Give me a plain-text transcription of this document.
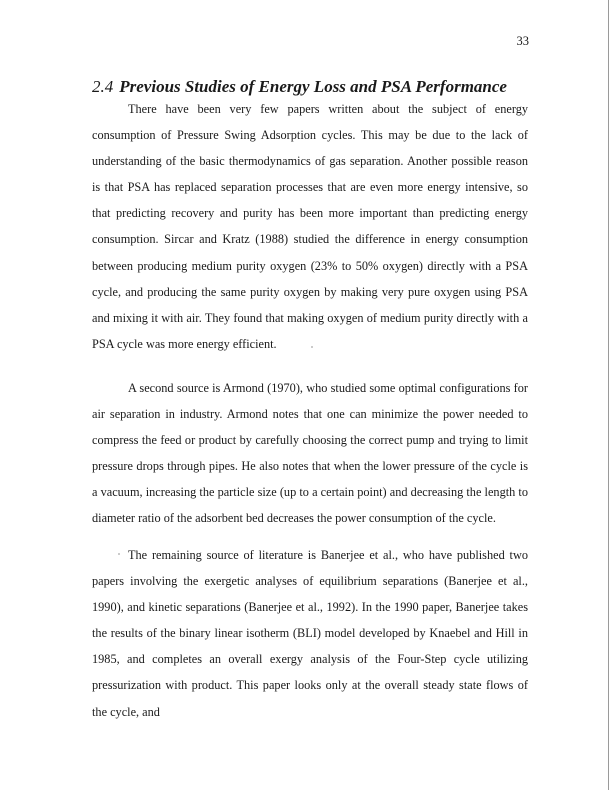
33
2.4 Previous Studies of Energy Loss and PSA Performance

There have been very few papers written about the subject of energy consumption of Pressure Swing Adsorption cycles. This may be due to the lack of understanding of the basic thermodynamics of gas separation. Another possible reason is that PSA has replaced separation processes that are even more energy intensive, so that predicting recovery and purity has been more important than predicting energy consumption. Sircar and Kratz (1988) studied the difference in energy consumption between producing medium purity oxygen (23% to 50% oxygen) directly with a PSA cycle, and producing the same purity oxygen by making very pure oxygen using PSA and mixing it with air. They found that making oxygen of medium purity directly with a PSA cycle was more energy efficient.

A second source is Armond (1970), who studied some optimal configurations for air separation in industry. Armond notes that one can minimize the power needed to compress the feed or product by carefully choosing the correct pump and trying to limit pressure drops through pipes. He also notes that when the lower pressure of the cycle is a vacuum, increasing the particle size (up to a certain point) and decreasing the length to diameter ratio of the adsorbent bed decreases the power consumption of the cycle.

The remaining source of literature is Banerjee et al., who have published two papers involving the exergetic analyses of equilibrium separations (Banerjee et al., 1990), and kinetic separations (Banerjee et al., 1992). In the 1990 paper, Banerjee takes the results of the binary linear isotherm (BLI) model developed by Knaebel and Hill in 1985, and completes an overall exergy analysis of the Four-Step cycle utilizing pressurization with product. This paper looks only at the overall steady state flows of the cycle, and
